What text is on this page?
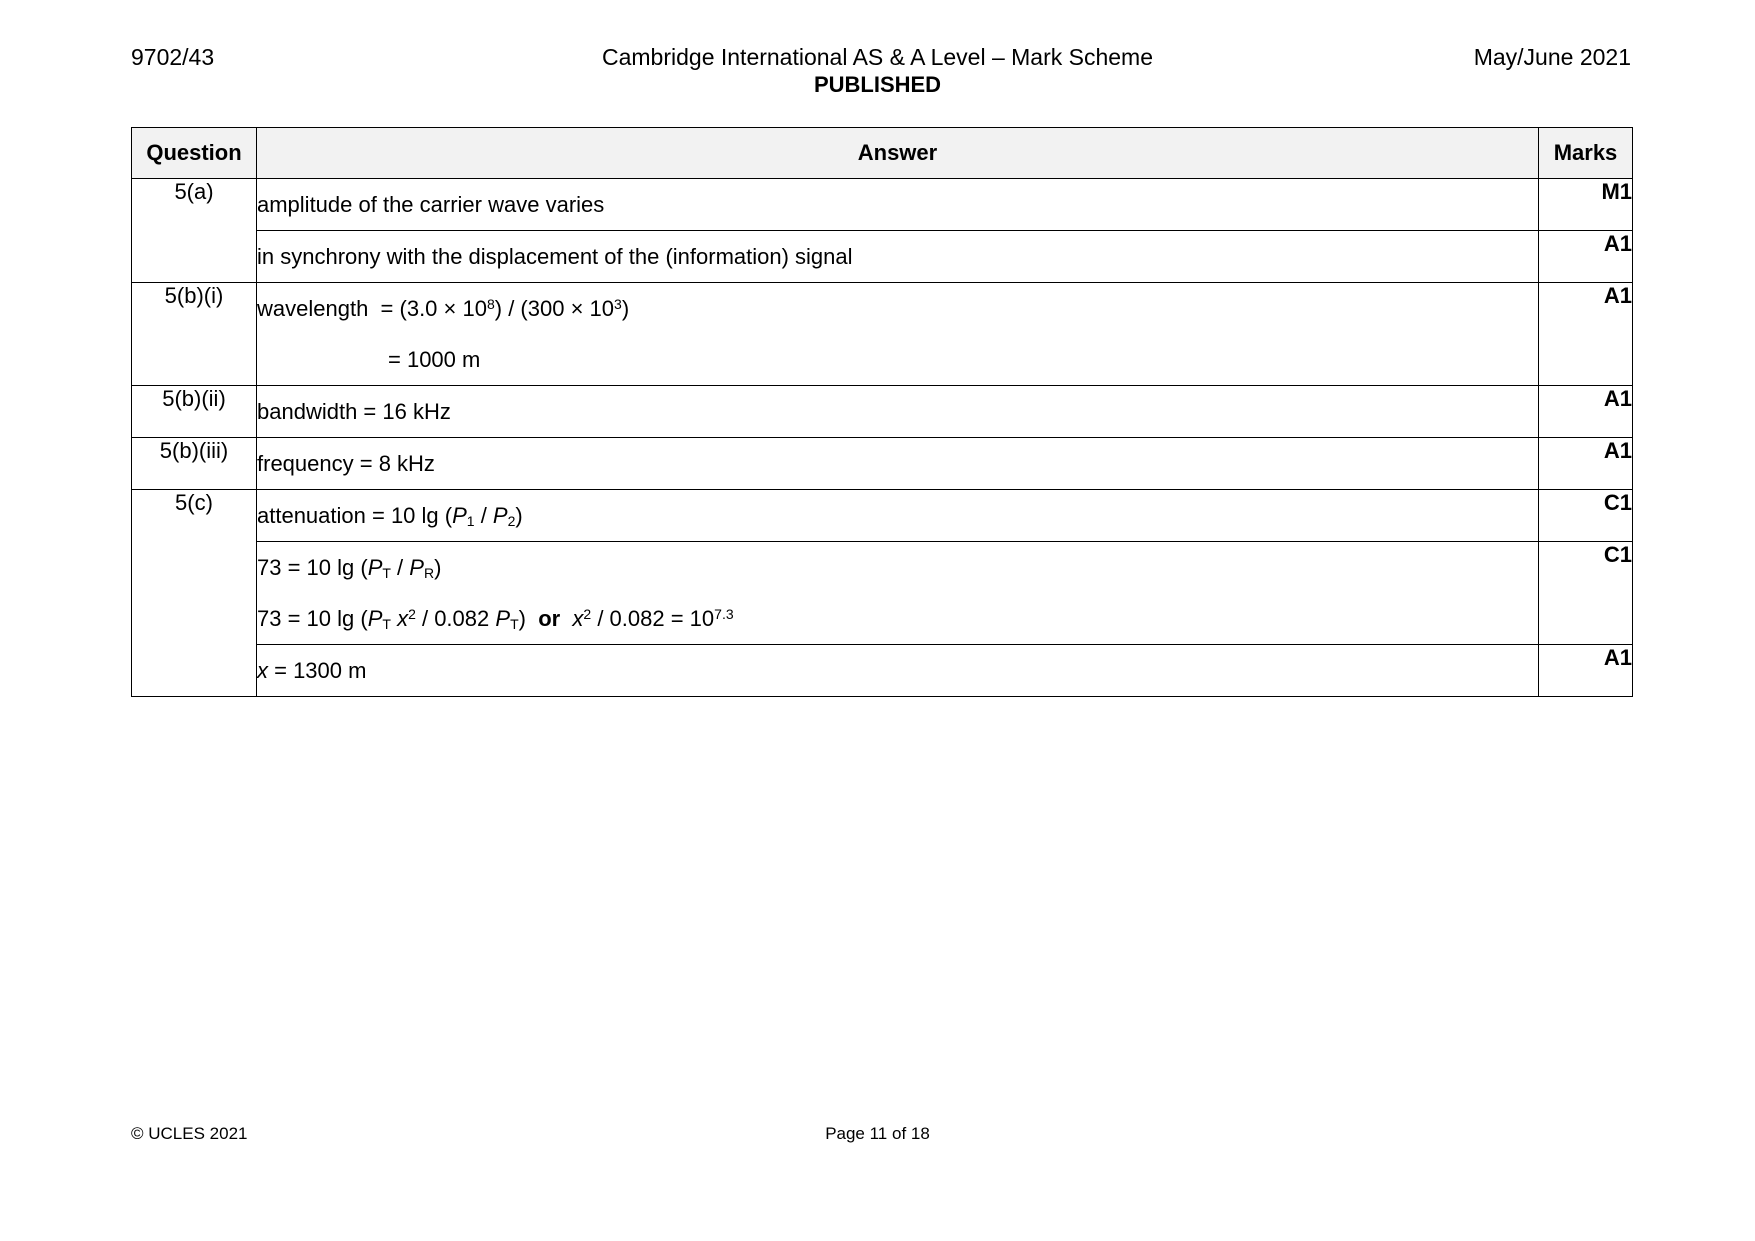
9702/43	Cambridge International AS & A Level – Mark Scheme
PUBLISHED
May/June 2021
Question	Answer	Marks
5(a)	amplitude of the carrier wave varies	M1

	in synchrony with the displacement of the (information) signal	A1
5(b)(i)	wavelength = $(3.0 \times 10^8) / (300 \times 10^3)$
= 1000 m	A1
5(b)(ii)	bandwidth = 16 kHz	A1
5(b)(iii)	frequency = 8 kHz	A1
5(c)	attenuation = 10 $\lg (P_1 / P_2)$	C1

	73 = 10 $\lg (P_T / P_R)$
73 = 10 $\lg (P_T$ $x^2 / 0.082$ $P_T$) or $x^2 / 0.082 = 10^{7.3}$	C1

	x = 1300 m	A1
© UCLES 2021	Page 11 of 18
